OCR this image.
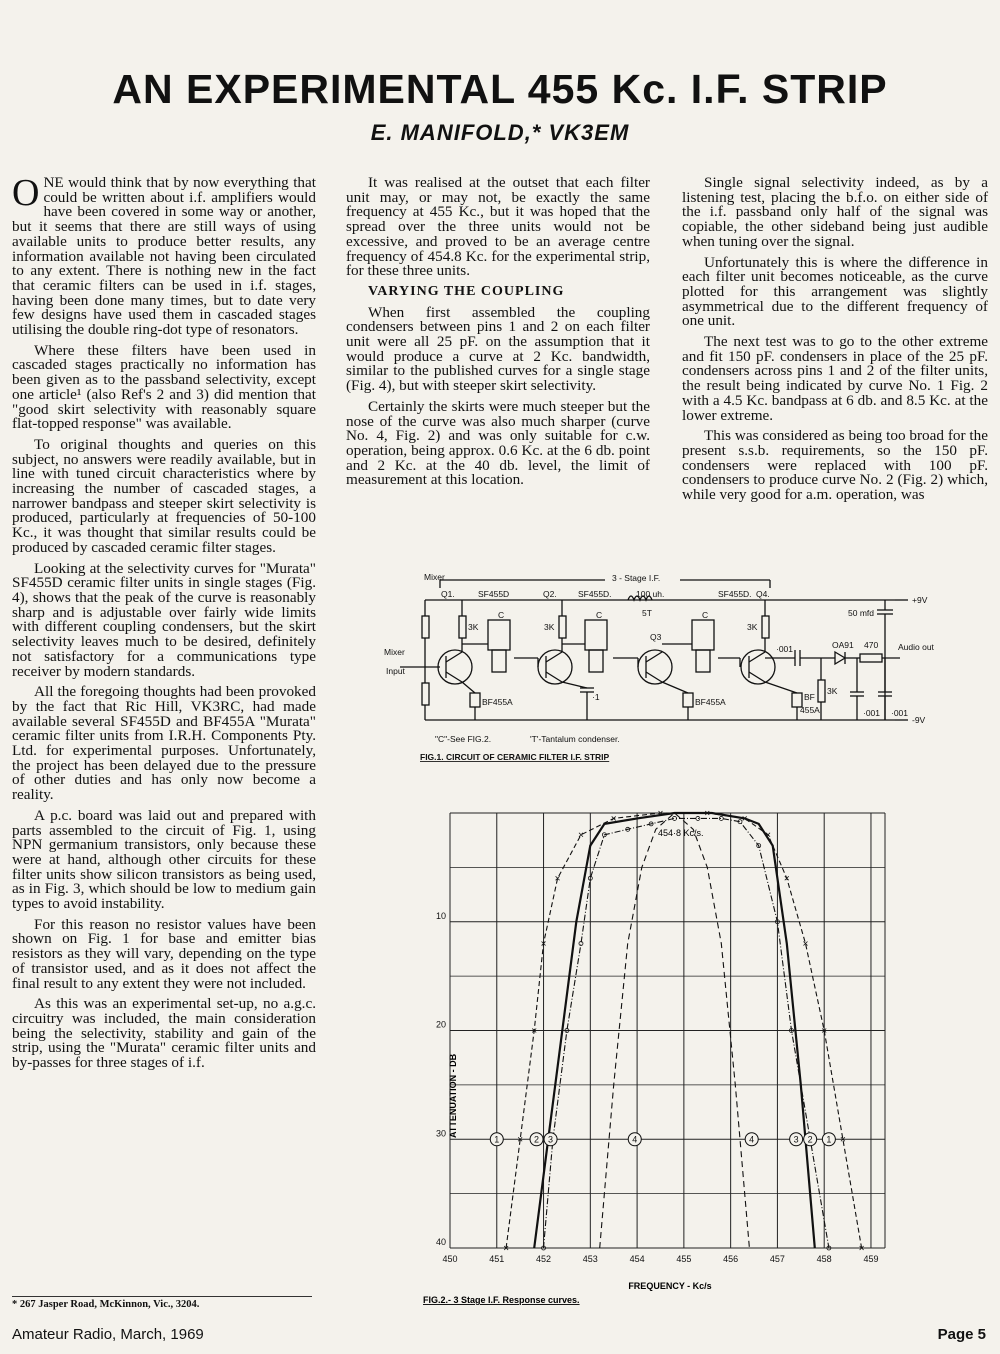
AN EXPERIMENTAL 455 Kc. I.F. STRIP
E. MANIFOLD,* VK3EM

ONE would think that by now everything that could be written about i.f. amplifiers would have been covered in some way or another, but it seems that there are still ways of using available units to produce better results, any information available not having been circulated to any extent. There is nothing new in the fact that ceramic filters can be used in i.f. stages, having been done many times, but to date very few designs have used them in cascaded stages utilising the double ring-dot type of resonators.

Where these filters have been used in cascaded stages practically no information has been given as to the passband selectivity, except one article¹ (also Ref's 2 and 3) did mention that "good skirt selectivity with reasonably square flat-topped response" was available.

To original thoughts and queries on this subject, no answers were readily available, but in line with tuned circuit characteristics where by increasing the number of cascaded stages, a narrower bandpass and steeper skirt selectivity is produced, particularly at frequencies of 50-100 Kc., it was thought that similar results could be produced by cascaded ceramic filter stages.

Looking at the selectivity curves for "Murata" SF455D ceramic filter units in single stages (Fig. 4), shows that the peak of the curve is reasonably sharp and is adjustable over fairly wide limits with different coupling condensers, but the skirt selectivity leaves much to be desired, definitely not satisfactory for a communications type receiver by modern standards.

All the foregoing thoughts had been provoked by the fact that Ric Hill, VK3RC, had made available several SF455D and BF455A "Murata" ceramic filter units from I.R.H. Components Pty. Ltd. for experimental purposes. Unfortunately, the project has been delayed due to the pressure of other duties and has only now become a reality.

A p.c. board was laid out and prepared with parts assembled to the circuit of Fig. 1, using NPN germanium transistors, only because these were at hand, although other circuits for these filter units show silicon transistors as being used, as in Fig. 3, which should be low to medium gain types to avoid instability.

For this reason no resistor values have been shown on Fig. 1 for base and emitter bias resistors as they will vary, depending on the type of transistor used, and as it does not affect the final result to any extent they were not included.

As this was an experimental set-up, no a.g.c. circuitry was included, the main consideration being the selectivity, stability and gain of the strip, using the "Murata" ceramic filter units and by-passes for three stages of i.f.

It was realised at the outset that each filter unit may, or may not, be exactly the same frequency at 455 Kc., but it was hoped that the spread over the three units would not be excessive, and proved to be an average centre frequency of 454.8 Kc. for the experimental strip, for these three units.

VARYING THE COUPLING

When first assembled the coupling condensers between pins 1 and 2 on each filter unit were all 25 pF. on the assumption that it would produce a curve at 2 Kc. bandwidth, similar to the published curves for a single stage (Fig. 4), but with steeper skirt selectivity.

Certainly the skirts were much steeper but the nose of the curve was also much sharper (curve No. 4, Fig. 2) and was only suitable for c.w. operation, being approx. 0.6 Kc. at the 6 db. point and 2 Kc. at the 40 db. level, the limit of measurement at this location.

Single signal selectivity indeed, as by a listening test, placing the b.f.o. on either side of the i.f. passband only half of the signal was copiable, the other sideband being just audible when tuning over the signal.

Unfortunately this is where the difference in each filter unit becomes noticeable, as the curve plotted for this arrangement was slightly asymmetrical due to the different frequency of one unit.

The next test was to go to the other extreme and fit 150 pF. condensers in place of the 25 pF. condensers across pins 1 and 2 of the filter units, the result being indicated by curve No. 1 Fig. 2 with a 4.5 Kc. bandpass at 6 db. and 8.5 Kc. at the lower extreme.

This was considered as being too broad for the present s.s.b. requirements, so the 150 pF. condensers were replaced with 100 pF. condensers to produce curve No. 2 (Fig. 2) which, while very good for a.m. operation, was

Mixer	3 - Stage I.F.
Q1.	Q2.
Q3
Q4.
SF455D	SF455D.	SF455D.
100 uh.
C	C	C
5T
3K	3K	3K
3K
50 mfd
+9V
-9V
Mixer
Input
BF455A	BF455A	BF
455A
·001	OA91 470 Audio out
·001 ·001
·1
"C"-See FIG.2.	'T'-Tantalum condenser.
FIG.1. CIRCUIT OF CERAMIC FILTER I.F. STRIP
450	451	452	453	454	455	456	457	458	459
10
20
30
40
1	2 3	4	4	3 2 1
454·8 Kc/s.
FREQUENCY - Kc/s
ATTENUATION - DB
FIG.2.- 3 Stage I.F. Response curves.
* 267 Jasper Road, McKinnon, Vic., 3204.
Amateur Radio, March, 1969	Page 5
